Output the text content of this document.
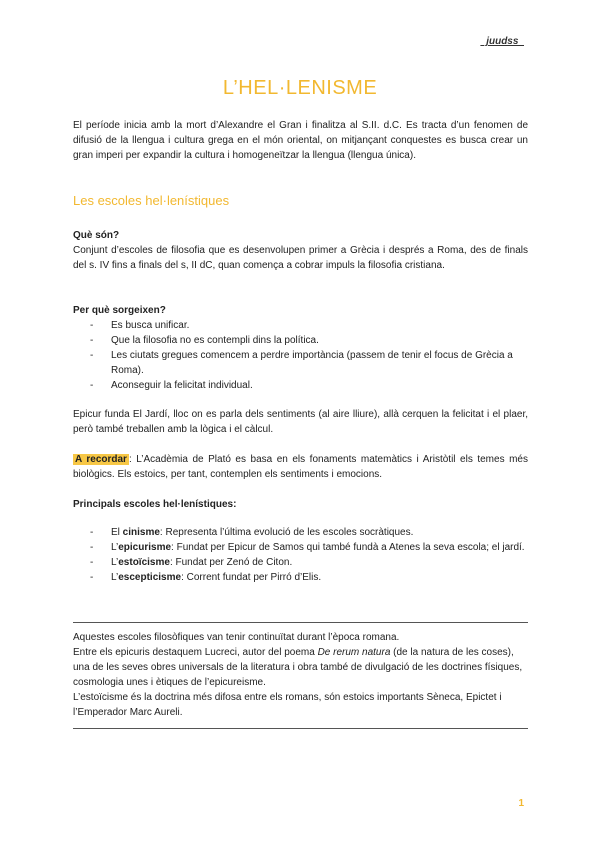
_juudss_
L’HEL·LENISME

El període inicia amb la mort d’Alexandre el Gran i finalitza al S.II. d.C. Es tracta d’un fenomen de difusió de la llengua i cultura grega en el món oriental, on mitjançant conquestes es busca crear un gran imperi per expandir la cultura i homogeneïtzar la llengua (llengua única).

Les escoles hel·lenístiques
Què són?

Conjunt d’escoles de filosofia que es desenvolupen primer a Grècia i després a Roma, des de finals del s. IV fins a finals del s, II dC, quan comença a cobrar impuls la filosofia cristiana.

Per què sorgeixen?
- Es busca unificar.
- Que la filosofia no es contempli dins la política.
- Les ciutats gregues comencem a perdre importància (passem de tenir el focus de Grècia a Roma).
- Aconseguir la felicitat individual.

Epicur funda El Jardí, lloc on es parla dels sentiments (al aire lliure), allà cerquen la felicitat i el plaer, però també treballen amb la lògica i el càlcul.

A recordar : L’Acadèmia de Plató es basa en els fonaments matemàtics i Aristòtil els temes més biològics. Els estoics, per tant, contemplen els sentiments i emocions.

Principals escoles hel·lenístiques:
- El cinisme: Representa l’última evolució de les escoles socràtiques.
- L’epicurisme: Fundat per Epicur de Samos qui també fundà a Atenes la seva escola; el jardí.
- L’estoïcisme: Fundat per Zenó de Citon.
- L’escepticisme: Corrent fundat per Pirró d’Elis.
Aquestes escoles filosòfiques van tenir continuïtat durant l’època romana.
Entre els epicuris destaquem Lucreci, autor del poema De rerum natura (de la natura de les coses), una de les seves obres universals de la literatura i obra també de divulgació de les doctrines físiques, cosmologia unes i ètiques de l’epicureisme.
L’estoïcisme és la doctrina més difosa entre els romans, són estoics importants Sèneca, Epictet i l’Emperador Marc Aureli.
1
